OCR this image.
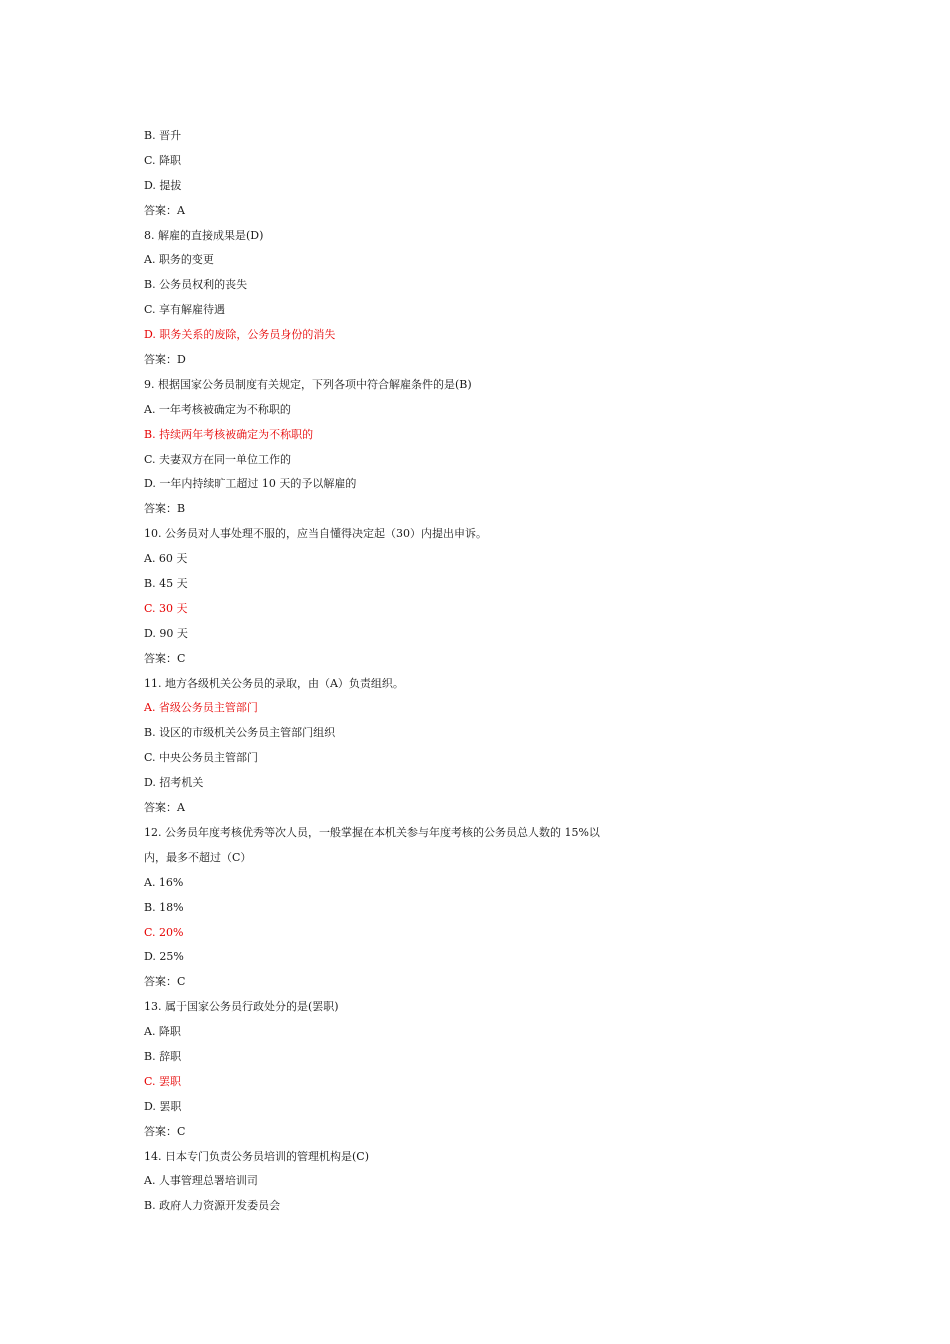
B. 晋升
C. 降职
D. 提拔
答案：A
8. 解雇的直接成果是(D)
A. 职务的变更
B. 公务员权利的丧失
C. 享有解雇待遇
D. 职务关系的废除，公务员身份的消失
答案：D
9. 根据国家公务员制度有关规定，下列各项中符合解雇条件的是(B)
A. 一年考核被确定为不称职的
B. 持续两年考核被确定为不称职的
C. 夫妻双方在同一单位工作的
D. 一年内持续旷工超过 10 天的予以解雇的
答案：B
10. 公务员对人事处理不服的，应当自懂得决定起（30）内提出申诉。
A. 60 天
B. 45 天
C. 30 天
D. 90 天
答案：C
11. 地方各级机关公务员的录取，由（A）负责组织。
A. 省级公务员主管部门
B. 设区的市级机关公务员主管部门组织
C. 中央公务员主管部门
D. 招考机关
答案：A
12. 公务员年度考核优秀等次人员，一般掌握在本机关参与年度考核的公务员总人数的 15%以
内，最多不超过（C）
A. 16%
B. 18%
C. 20%
D. 25%
答案：C
13. 属于国家公务员行政处分的是(罢职)
A. 降职
B. 辞职
C. 罢职
D. 罢职
答案：C
14. 日本专门负责公务员培训的管理机构是(C)
A. 人事管理总署培训司
B. 政府人力资源开发委员会
